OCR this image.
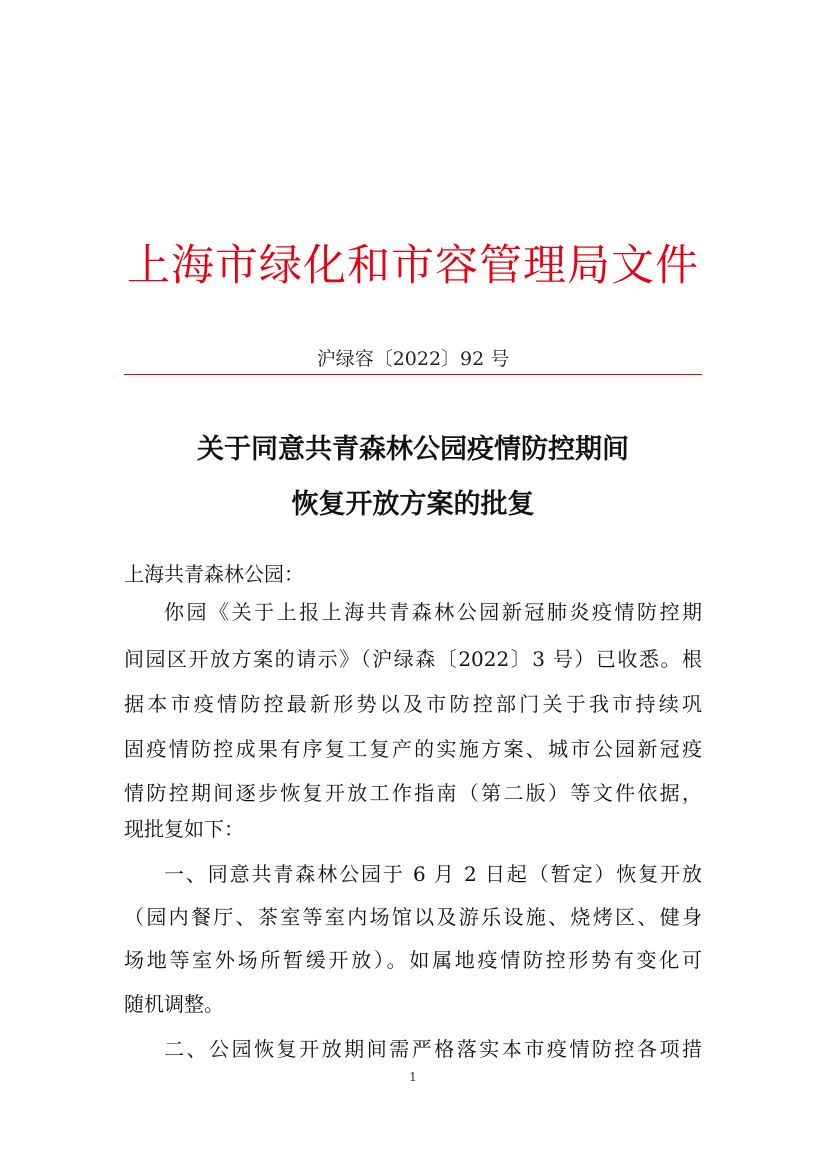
上海市绿化和市容管理局文件
沪绿容〔2022〕92 号
关于同意共青森林公园疫情防控期间
恢复开放方案的批复
上海共青森林公园：
你园《关于上报上海共青森林公园新冠肺炎疫情防控期
间园区开放方案的请示》（沪绿森〔2022〕3 号）已收悉。根
据本市疫情防控最新形势以及市防控部门关于我市持续巩
固疫情防控成果有序复工复产的实施方案、城市公园新冠疫
情防控期间逐步恢复开放工作指南（第二版）等文件依据，
现批复如下：
一、同意共青森林公园于 6 月 2 日起（暂定）恢复开放
（园内餐厅、茶室等室内场馆以及游乐设施、烧烤区、健身
场地等室外场所暂缓开放）。如属地疫情防控形势有变化可
随机调整。
二、公园恢复开放期间需严格落实本市疫情防控各项措
1
